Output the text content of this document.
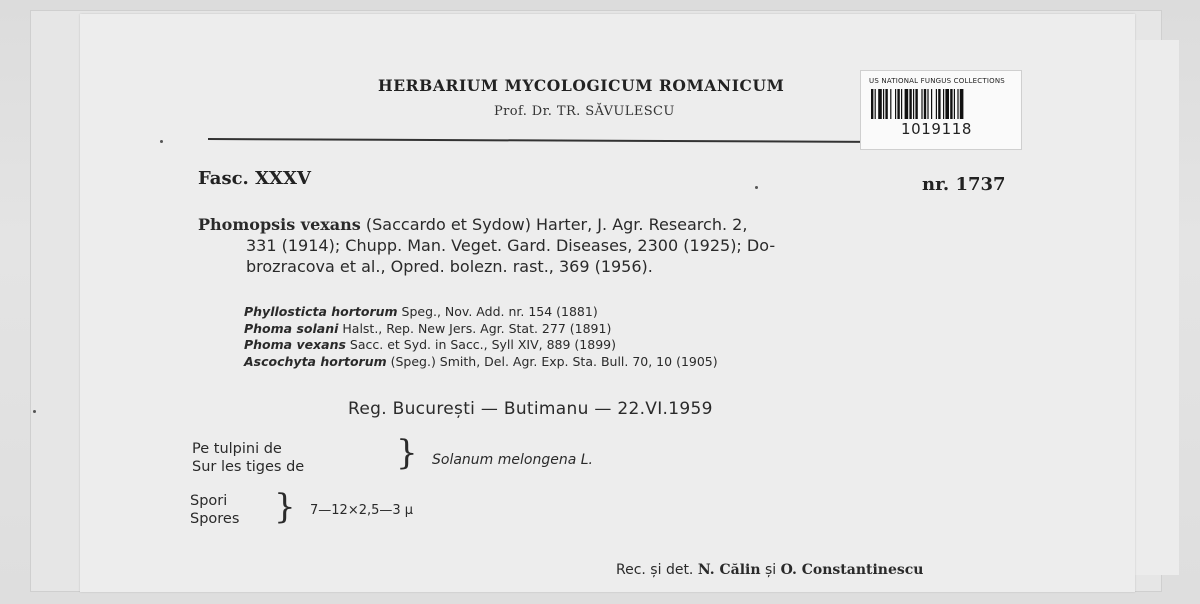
HERBARIUM MYCOLOGICUM ROMANICUM
Prof. Dr. TR. SĂVULESCU
US NATIONAL FUNGUS COLLECTIONS
1019118
Fasc. XXXV	nr. 1737
Phomopsis vexans (Saccardo et Sydow) Harter, J. Agr. Research. 2,
331 (1914); Chupp. Man. Veget. Gard. Diseases, 2300 (1925); Do-
brozracova et al., Opred. bolezn. rast., 369 (1956).
Phyllosticta hortorum Speg., Nov. Add. nr. 154 (1881)
Phoma solani Halst., Rep. New Jers. Agr. Stat. 277 (1891)
Phoma vexans Sacc. et Syd. in Sacc., Syll XIV, 889 (1899)
Ascochyta hortorum (Speg.) Smith, Del. Agr. Exp. Sta. Bull. 70, 10 (1905)
Reg. București — Butimanu — 22.VI.1959
Pe tulpini de
Sur les tiges de	} Solanum melongena L.
Spori
Spores } 7—12×2,5—3 μ
Rec. și det. N. Călin și O. Constantinescu
